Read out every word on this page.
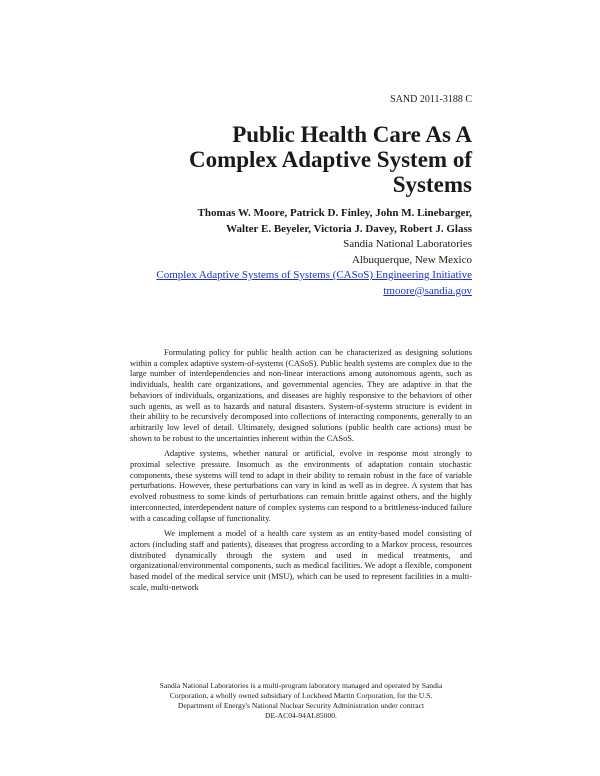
SAND 2011-3188 C
Public Health Care As A
Complex Adaptive System of
Systems
Thomas W. Moore, Patrick D. Finley, John M. Linebarger,
Walter E. Beyeler, Victoria J. Davey, Robert J. Glass
Sandia National Laboratories
Albuquerque, New Mexico
Complex Adaptive Systems of Systems (CASoS) Engineering Initiative
tmoore@sandia.gov

Formulating policy for public health action can be characterized as designing solutions within a complex adaptive system-of-systems (CASoS). Public health systems are complex due to the large number of interdependencies and non-linear interactions among autonomous agents, such as individuals, health care organizations, and governmental agencies. They are adaptive in that the behaviors of individuals, organizations, and diseases are highly responsive to the behaviors of other such agents, as well as to hazards and natural disasters. System-of-systems structure is evident in their ability to be recursively decomposed into collections of interacting components, generally to an arbitrarily low level of detail. Ultimately, designed solutions (public health care actions) must be shown to be robust to the uncertainties inherent within the CASoS.

Adaptive systems, whether natural or artificial, evolve in response most strongly to proximal selective pressure. Insomuch as the environments of adaptation contain stochastic components, these systems will tend to adapt in their ability to remain robust in the face of variable perturbations. However, these perturbations can vary in kind as well as in degree. A system that has evolved robustness to some kinds of perturbations can remain brittle against others, and the highly interconnected, interdependent nature of complex systems can respond to a brittleness-induced failure with a cascading collapse of functionality.

We implement a model of a health care system as an entity-based model consisting of actors (including staff and patients), diseases that progress according to a Markov process, resources distributed dynamically through the system and used in medical treatments, and organizational/environmental components, such as medical facilities. We adopt a flexible, component based model of the medical service unit (MSU), which can be used to represent facilities in a multi-scale, multi-network

Sandia National Laboratories is a multi-program laboratory managed and operated by Sandia
Corporation, a wholly owned subsidiary of Lockheed Martin Corporation, for the U.S.
Department of Energy's National Nuclear Security Administration under contract
DE-AC04-94AL85000.
